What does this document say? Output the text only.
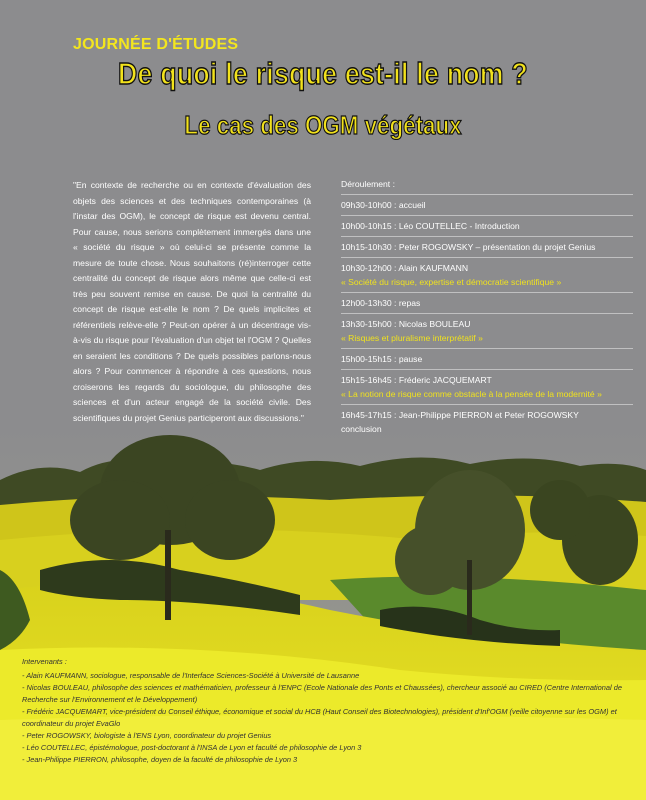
JOURNÉE D'ÉTUDES
De quoi le risque est-il le nom ?
Le cas des OGM végétaux
"En contexte de recherche ou en contexte d'évaluation des objets des sciences et des techniques contemporaines (à l'instar des OGM), le concept de risque est devenu central. Pour cause, nous serions complètement immergés dans une « société du risque » où celui-ci se présente comme la mesure de toute chose. Nous souhaitons (ré)interroger cette centralité du concept de risque alors même que celle-ci est très peu souvent remise en cause. De quoi la centralité du concept de risque est-elle le nom ? De quels implicites et référentiels relève-elle ? Peut-on opérer à un décentrage vis-à-vis du risque pour l'évaluation d'un objet tel l'OGM ? Quelles en seraient les conditions ? De quels possibles parlons-nous alors ? Pour commencer à répondre à ces questions, nous croiserons les regards du sociologue, du philosophe des sciences et d'un acteur engagé de la société civile. Des scientifiques du projet Genius participeront aux discussions."
Déroulement :
09h30-10h00 : accueil
10h00-10h15 : Léo COUTELLEC - Introduction
10h15-10h30 : Peter ROGOWSKY – présentation du projet Genius
10h30-12h00 : Alain KAUFMANN
« Société du risque, expertise et démocratie scientifique »
12h00-13h30 : repas
13h30-15h00 : Nicolas BOULEAU
« Risques et pluralisme interprétatif »
15h00-15h15 : pause
15h15-16h45 : Fréderic JACQUEMART
« La notion de risque comme obstacle à la pensée de la modernité »
16h45-17h15 : Jean-Philippe PIERRON et Peter ROGOWSKY
conclusion
Intervenants :
- Alain KAUFMANN, sociologue, responsable de l'Interface Sciences-Société à Université de Lausanne
- Nicolas BOULEAU, philosophe des sciences et mathématicien, professeur à l'ENPC (Ecole Nationale des Ponts et Chaussées), chercheur associé au CIRED (Centre International de Recherche sur l'Environnement et le Développement)
- Frédéric JACQUEMART, vice-président du Conseil éthique, économique et social du HCB (Haut Conseil des Biotechnologies), président d'Inf'OGM (veille citoyenne sur les OGM) et coordinateur du projet EvaGlo
- Peter ROGOWSKY, biologiste à l'ENS Lyon, coordinateur du projet Genius
- Léo COUTELLEC, épistémologue, post-doctorant à l'INSA de Lyon et faculté de philosophie de Lyon 3
- Jean-Philippe PIERRON, philosophe, doyen de la faculté de philosophie de Lyon 3
